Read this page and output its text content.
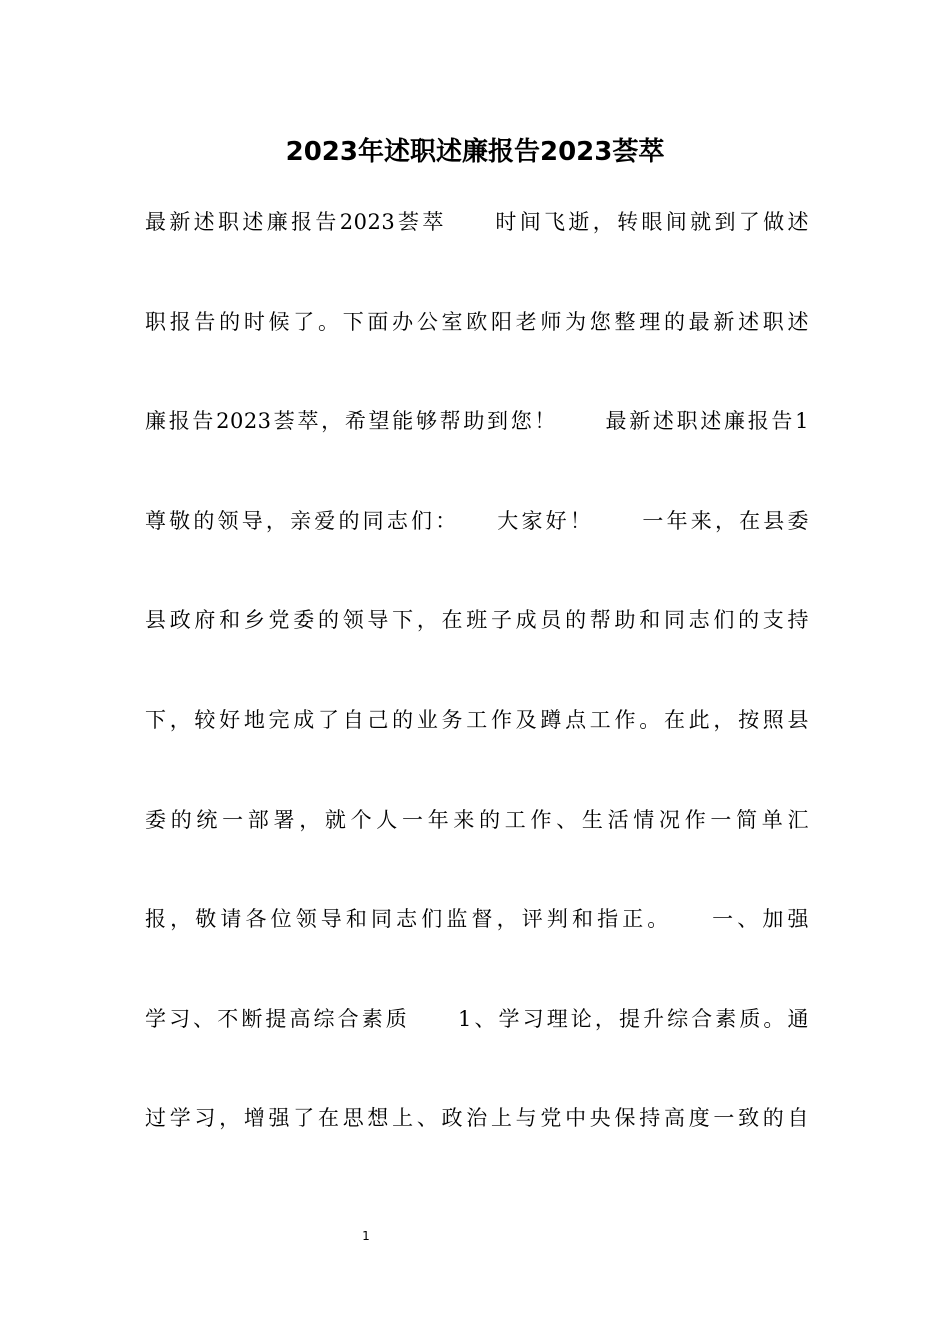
2023年述职述廉报告2023荟萃
最新述职述廉报告2023荟萃　　时间飞逝，转眼间就到了做述
职报告的时候了。下面办公室欧阳老师为您整理的最新述职述
廉报告2023荟萃，希望能够帮助到您！　　最新述职述廉报告1
尊敬的领导，亲爱的同志们：　　大家好！　　一年来，在县委
县政府和乡党委的领导下，在班子成员的帮助和同志们的支持
下，较好地完成了自己的业务工作及蹲点工作。在此，按照县
委的统一部署，就个人一年来的工作、生活情况作一简单汇
报，敬请各位领导和同志们监督，评判和指正。　　一、加强
学习、不断提高综合素质　　1、学习理论，提升综合素质。通
过学习，增强了在思想上、政治上与党中央保持高度一致的自
1
